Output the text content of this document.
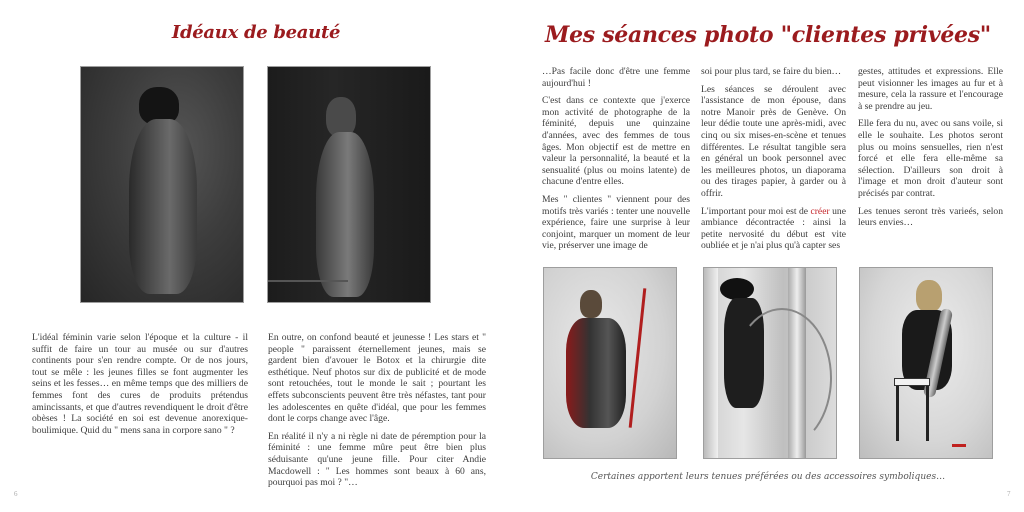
Idéaux de beauté

L'idéal féminin varie selon l'époque et la culture - il suffit de faire un tour au musée ou sur d'autres continents pour s'en rendre compte. Or de nos jours, tout se mêle : les jeunes filles se font augmenter les seins et les fesses… en même temps que des milliers de femmes font des cures de produits prétendus amincissants, et que d'autres revendiquent le droit d'être obèses ! La société en soi est devenue anorexique-boulimique. Quid du " mens sana in corpore sano " ?

En outre, on confond beauté et jeunesse ! Les stars et " people " paraissent éternellement jeunes, mais se gardent bien d'avouer le Botox et la chirurgie dite esthétique. Neuf photos sur dix de publicité et de mode sont retouchées, tout le monde le sait ; pourtant les effets subconscients peuvent être très néfastes, tant pour les adolescentes en quête d'idéal, que pour les femmes dont le corps change avec l'âge.

En réalité il n'y a ni règle ni date de péremption pour la féminité : une femme mûre peut être bien plus séduisante qu'une jeune fille. Pour citer Andie Macdowell : " Les hommes sont beaux à 60 ans, pourquoi pas moi ? "…

6
Mes séances photo "clientes privées"

…Pas facile donc d'être une femme aujourd'hui !

C'est dans ce contexte que j'exerce mon activité de photographe de la féminité, depuis une quinzaine d'années, avec des femmes de tous âges. Mon objectif est de mettre en valeur la personnalité, la beauté et la sensualité (plus ou moins latente) de chacune d'entre elles.

Mes " clientes " viennent pour des motifs très variés : tenter une nouvelle expérience, faire une surprise à leur conjoint, marquer un moment de leur vie, préserver une image de

soi pour plus tard, se faire du bien…

Les séances se déroulent avec l'assistance de mon épouse, dans notre Manoir près de Genève. On leur dédie toute une après-midi, avec cinq ou six mises-en-scène et tenues différentes. Le résultat tangible sera en général un book personnel avec les meilleures photos, un diaporama ou des tirages papier, à garder ou à offrir.

L'important pour moi est de créer une ambiance décontractée : ainsi la petite nervosité du début est vite oubliée et je n'ai plus qu'à capter ses

gestes, attitudes et expressions. Elle peut visionner les images au fur et à mesure, cela la rassure et l'encourage à se prendre au jeu.

Elle fera du nu, avec ou sans voile, si elle le souhaite. Les photos seront plus ou moins sensuelles, rien n'est forcé et elle fera elle-même sa sélection. D'ailleurs son droit à l'image et mon droit d'auteur sont précisés par contrat.

Les tenues seront très varieés, selon leurs envies…

Certaines apportent leurs tenues préférées ou des accessoires symboliques…
7
